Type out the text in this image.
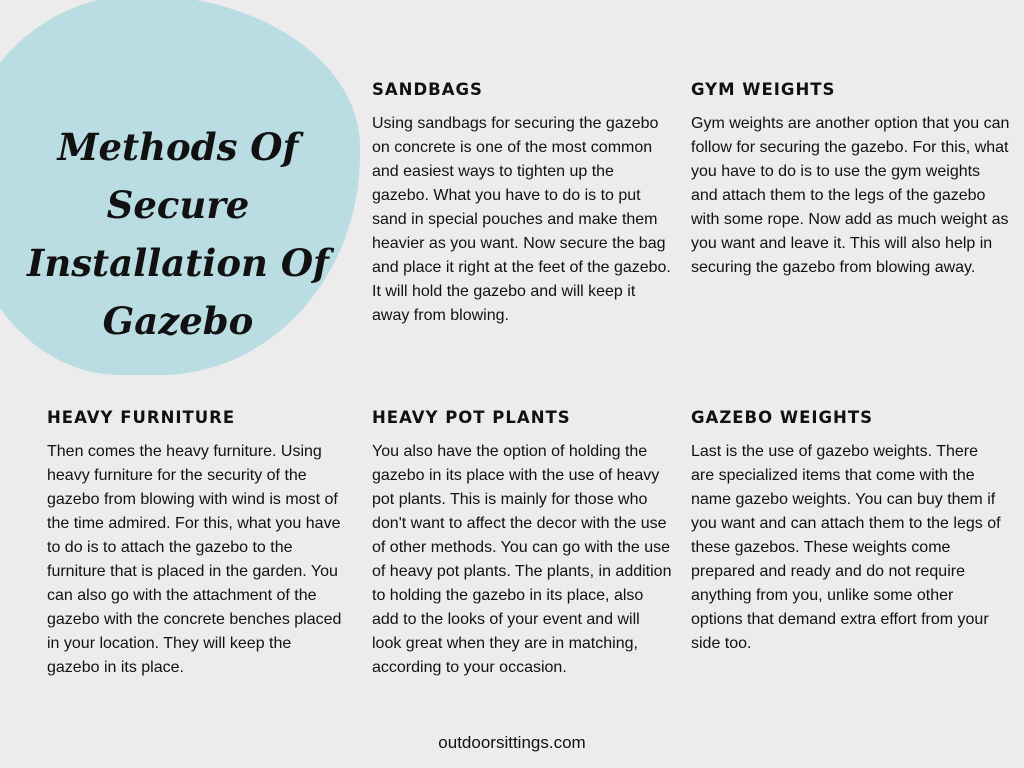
Methods Of Secure Installation Of Gazebo
SANDBAGS

Using sandbags for securing the gazebo on concrete is one of the most common and easiest ways to tighten up the gazebo. What you have to do is to put sand in special pouches and make them heavier as you want. Now secure the bag and place it right at the feet of the gazebo. It will hold the gazebo and will keep it away from blowing.

GYM WEIGHTS

Gym weights are another option that you can follow for securing the gazebo. For this, what you have to do is to use the gym weights and attach them to the legs of the gazebo with some rope. Now add as much weight as you want and leave it. This will also help in securing the gazebo from blowing away.

HEAVY FURNITURE

Then comes the heavy furniture. Using heavy furniture for the security of the gazebo from blowing with wind is most of the time admired. For this, what you have to do is to attach the gazebo to the furniture that is placed in the garden. You can also go with the attachment of the gazebo with the concrete benches placed in your location. They will keep the gazebo in its place.

HEAVY POT PLANTS

You also have the option of holding the gazebo in its place with the use of heavy pot plants. This is mainly for those who don't want to affect the decor with the use of other methods. You can go with the use of heavy pot plants. The plants, in addition to holding the gazebo in its place, also add to the looks of your event and will look great when they are in matching, according to your occasion.

GAZEBO WEIGHTS

Last is the use of gazebo weights. There are specialized items that come with the name gazebo weights. You can buy them if you want and can attach them to the legs of these gazebos. These weights come prepared and ready and do not require anything from you, unlike some other options that demand extra effort from your side too.

outdoorsittings.com
